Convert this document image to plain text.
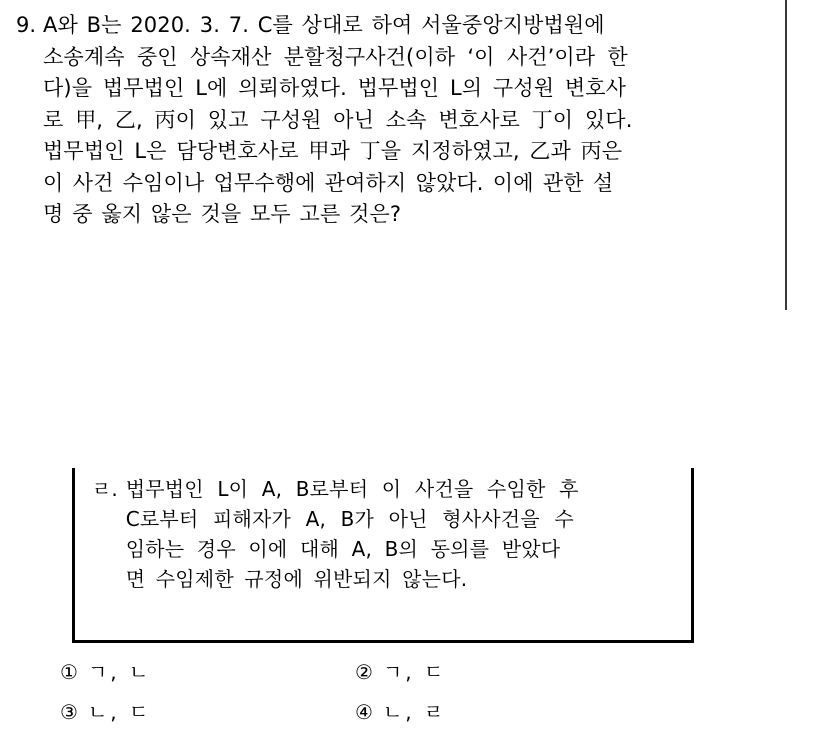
9. A와 B는 2020. 3. 7. C를 상대로 하여 서울중앙지방법원에
소송계속 중인 상속재산 분할청구사건(이하 ‘이 사건’이라 한
다)을 법무법인 L에 의뢰하였다. 법무법인 L의 구성원 변호사
로 甲, 乙, 丙이 있고 구성원 아닌 소속 변호사로 丁이 있다.
법무법인 L은 담당변호사로 甲과 丁을 지정하였고, 乙과 丙은
이 사건 수임이나 업무수행에 관여하지 않았다. 이에 관한 설
명 중 옳지 않은 것을 모두 고른 것은?
ㄹ. 법무법인 L이 A, B로부터 이 사건을 수임한 후
C로부터 피해자가 A, B가 아닌 형사사건을 수
임하는 경우 이에 대해 A, B의 동의를 받았다
면 수임제한 규정에 위반되지 않는다.
① ㄱ, ㄴ	② ㄱ, ㄷ
③ ㄴ, ㄷ	④ ㄴ, ㄹ
